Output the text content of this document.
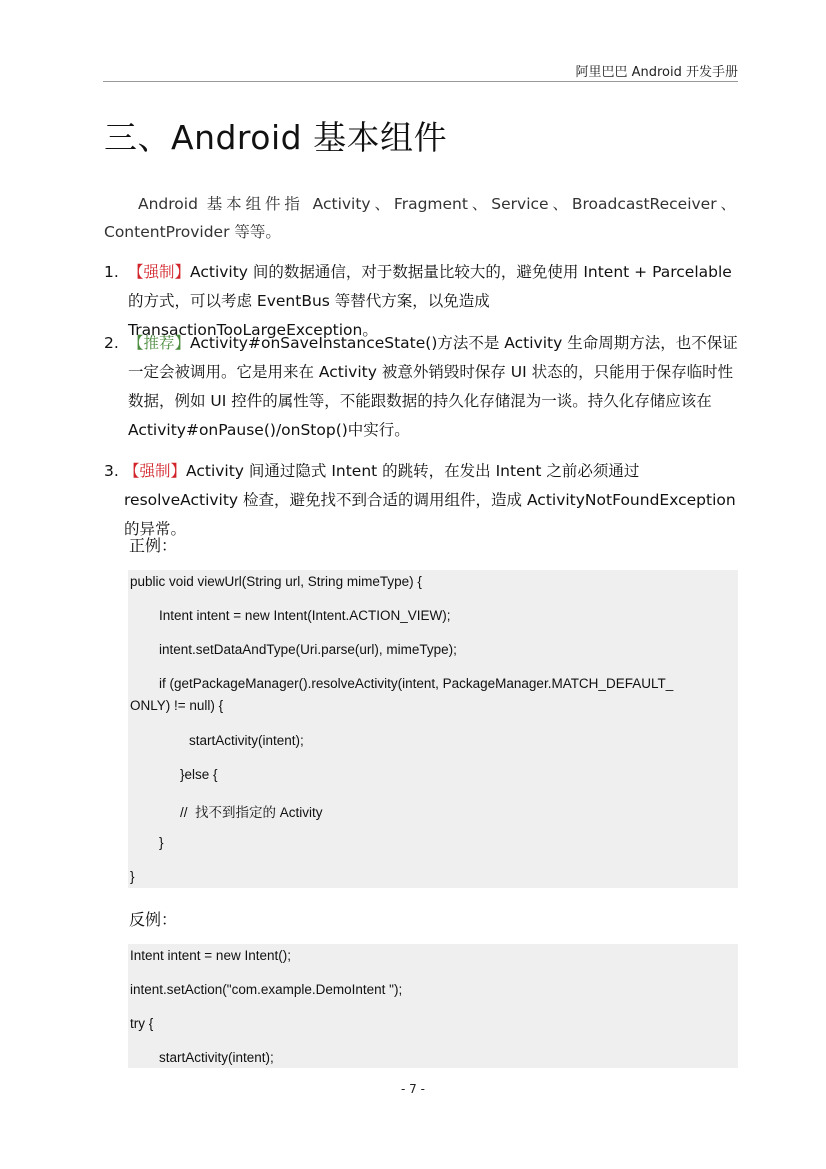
阿里巴巴 Android 开发手册
三、Android 基本组件

Android 基本组件指 Activity、Fragment、Service、BroadcastReceiver、ContentProvider 等等。

1. 【强制】Activity 间的数据通信，对于数据量比较大的，避免使用 Intent + Parcelable 的方式，可以考虑 EventBus 等替代方案，以免造成 TransactionTooLargeException。
2. 【推荐】Activity#onSaveInstanceState()方法不是 Activity 生命周期方法，也不保证一定会被调用。它是用来在 Activity 被意外销毁时保存 UI 状态的，只能用于保存临时性数据，例如 UI 控件的属性等，不能跟数据的持久化存储混为一谈。持久化存储应该在 Activity#onPause()/onStop()中实行。
3. 【强制】Activity 间通过隐式 Intent 的跳转，在发出 Intent 之前必须通过 resolveActivity 检查，避免找不到合适的调用组件，造成 ActivityNotFoundException 的异常。
正例：
public void viewUrl(String url, String mimeType) {
Intent intent = new Intent(Intent.ACTION_VIEW);
intent.setDataAndType(Uri.parse(url), mimeType);
if (getPackageManager().resolveActivity(intent, PackageManager.MATCH_DEFAULT_
ONLY) != null) {
startActivity(intent);
}else {
//  找不到指定的 Activity
}
}
反例：
Intent intent = new Intent();
intent.setAction("com.example.DemoIntent ");
try {
startActivity(intent);
- 7 -
